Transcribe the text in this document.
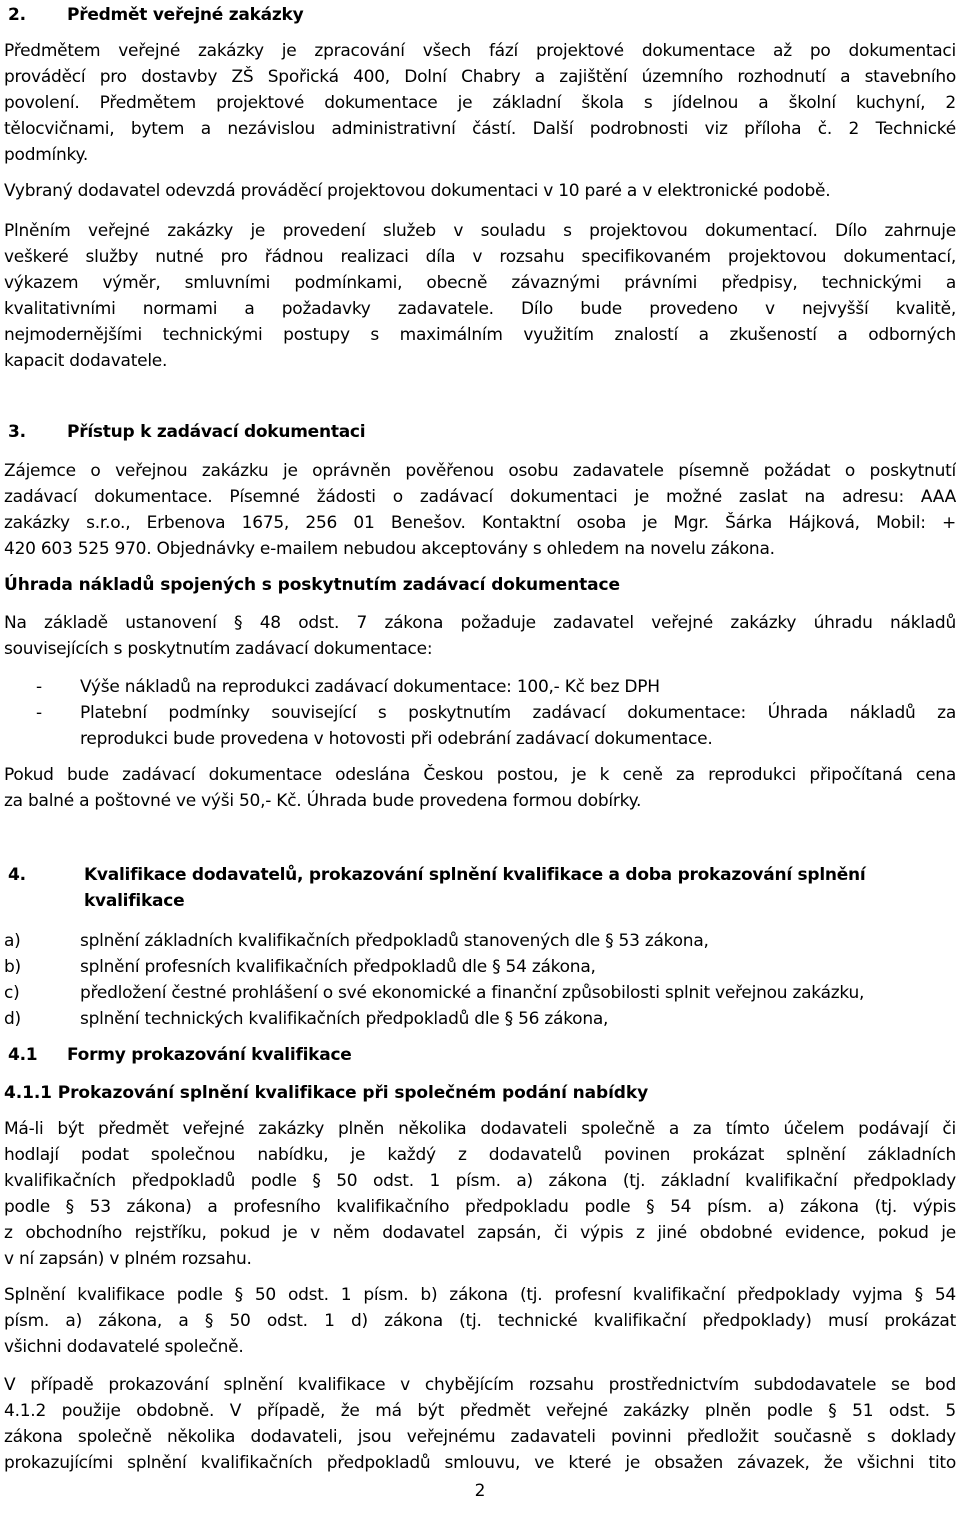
2. Předmět veřejné zakázky
Předmětem veřejné zakázky je zpracování všech fází projektové dokumentace až po dokumentaci
prováděcí pro dostavby ZŠ Spořická 400, Dolní Chabry a zajištění územního rozhodnutí a stavebního
povolení. Předmětem projektové dokumentace je základní škola s jídelnou a školní kuchyní, 2
tělocvičnami, bytem a nezávislou administrativní částí. Další podrobnosti viz příloha č. 2 Technické
podmínky.
Vybraný dodavatel odevzdá prováděcí projektovou dokumentaci v 10 paré a v elektronické podobě.
Plněním veřejné zakázky je provedení služeb v souladu s projektovou dokumentací. Dílo zahrnuje
veškeré služby nutné pro řádnou realizaci díla v rozsahu specifikovaném projektovou dokumentací,
výkazem výměr, smluvními podmínkami, obecně závaznými právními předpisy, technickými a
kvalitativními normami a požadavky zadavatele. Dílo bude provedeno v nejvyšší kvalitě,
nejmodernějšími technickými postupy s maximálním využitím znalostí a zkušeností a odborných
kapacit dodavatele.
3. Přístup k zadávací dokumentaci
Zájemce o veřejnou zakázku je oprávněn pověřenou osobu zadavatele písemně požádat o poskytnutí
zadávací dokumentace. Písemné žádosti o zadávací dokumentaci je možné zaslat na adresu: AAA
zakázky s.r.o., Erbenova 1675, 256 01 Benešov. Kontaktní osoba je Mgr. Šárka Hájková, Mobil: +
420 603 525 970. Objednávky e-mailem nebudou akceptovány s ohledem na novelu zákona.
Úhrada nákladů spojených s poskytnutím zadávací dokumentace
Na základě ustanovení § 48 odst. 7 zákona požaduje zadavatel veřejné zakázky úhradu nákladů
souvisejících s poskytnutím zadávací dokumentace:
- Výše nákladů na reprodukci zadávací dokumentace: 100,- Kč bez DPH
- Platební podmínky související s poskytnutím zadávací dokumentace: Úhrada nákladů za
reprodukci bude provedena v hotovosti při odebrání zadávací dokumentace.
Pokud bude zadávací dokumentace odeslána Českou postou, je k ceně za reprodukci připočítaná cena
za balné a poštovné ve výši 50,- Kč. Úhrada bude provedena formou dobírky.
4.	Kvalifikace dodavatelů, prokazování splnění kvalifikace a doba prokazování splnění
kvalifikace
a)	splnění základních kvalifikačních předpokladů stanovených dle § 53 zákona,
b)	splnění profesních kvalifikačních předpokladů dle § 54 zákona,
c)	předložení čestné prohlášení o své ekonomické a finanční způsobilosti splnit veřejnou zakázku,
d)	splnění technických kvalifikačních předpokladů dle § 56 zákona,
4.1 Formy prokazování kvalifikace
4.1.1 Prokazování splnění kvalifikace při společném podání nabídky
Má-li být předmět veřejné zakázky plněn několika dodavateli společně a za tímto účelem podávají či
hodlají podat společnou nabídku, je každý z dodavatelů povinen prokázat splnění základních
kvalifikačních předpokladů podle § 50 odst. 1 písm. a) zákona (tj. základní kvalifikační předpoklady
podle § 53 zákona) a profesního kvalifikačního předpokladu podle § 54 písm. a) zákona (tj. výpis
z obchodního rejstříku, pokud je v něm dodavatel zapsán, či výpis z jiné obdobné evidence, pokud je
v ní zapsán) v plném rozsahu.
Splnění kvalifikace podle § 50 odst. 1 písm. b) zákona (tj. profesní kvalifikační předpoklady vyjma § 54
písm. a) zákona, a § 50 odst. 1 d) zákona (tj. technické kvalifikační předpoklady) musí prokázat
všichni dodavatelé společně.
V případě prokazování splnění kvalifikace v chybějícím rozsahu prostřednictvím subdodavatele se bod
4.1.2 použije obdobně. V případě, že má být předmět veřejné zakázky plněn podle § 51 odst. 5
zákona společně několika dodavateli, jsou veřejnému zadavateli povinni předložit současně s doklady
prokazujícími splnění kvalifikačních předpokladů smlouvu, ve které je obsažen závazek, že všichni tito
2
